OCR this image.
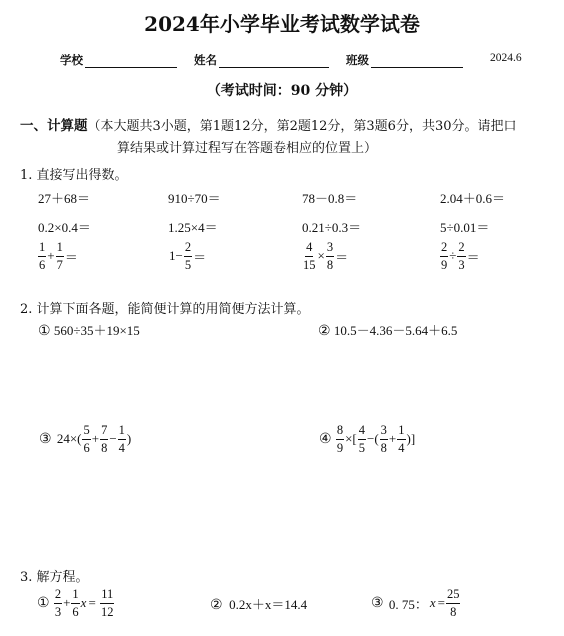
2024年小学毕业考试数学试卷
学校	姓名	班级	2024.6
（考试时间：90 分钟）
一、计算题（本大题共3小题，第1题12分，第2题12分，第3题6分，共30分。请把口
算结果或计算过程写在答题卷相应的位置上）
1. 直接写出得数。
27＋68＝	910÷70＝	78－0.8＝	2.04＋0.6＝
0.2×0.4＝	1.25×4＝	0.21÷0.3＝	5÷0.01＝
$\frac{1}{6} + \frac{1}{7}$ ＝	$1- \frac{2}{5}$ ＝	$\frac{4}{15} \times \frac{3}{8}$ ＝	$\frac{2}{9} \div \frac{2}{3}$ ＝
2. 计算下面各题，能简便计算的用简便方法计算。
① 560÷35＋19×15	② 10.5－4.36－5.64＋6.5
③ $24\times( \frac{5}{6} + \frac{7}{8} - \frac{1}{4}$ )	④ $\frac{8}{9}$ ×[ $\frac{4}{5}$ −( $\frac{3}{8} + \frac{1}{4}$ )]
3. 解方程。
① $\frac{2}{3} + \frac{1}{6}$ $x = \frac{11}{12}$	② 0.2x＋x＝14.4	③ 0. 75： $x = \frac{25}{8}$
